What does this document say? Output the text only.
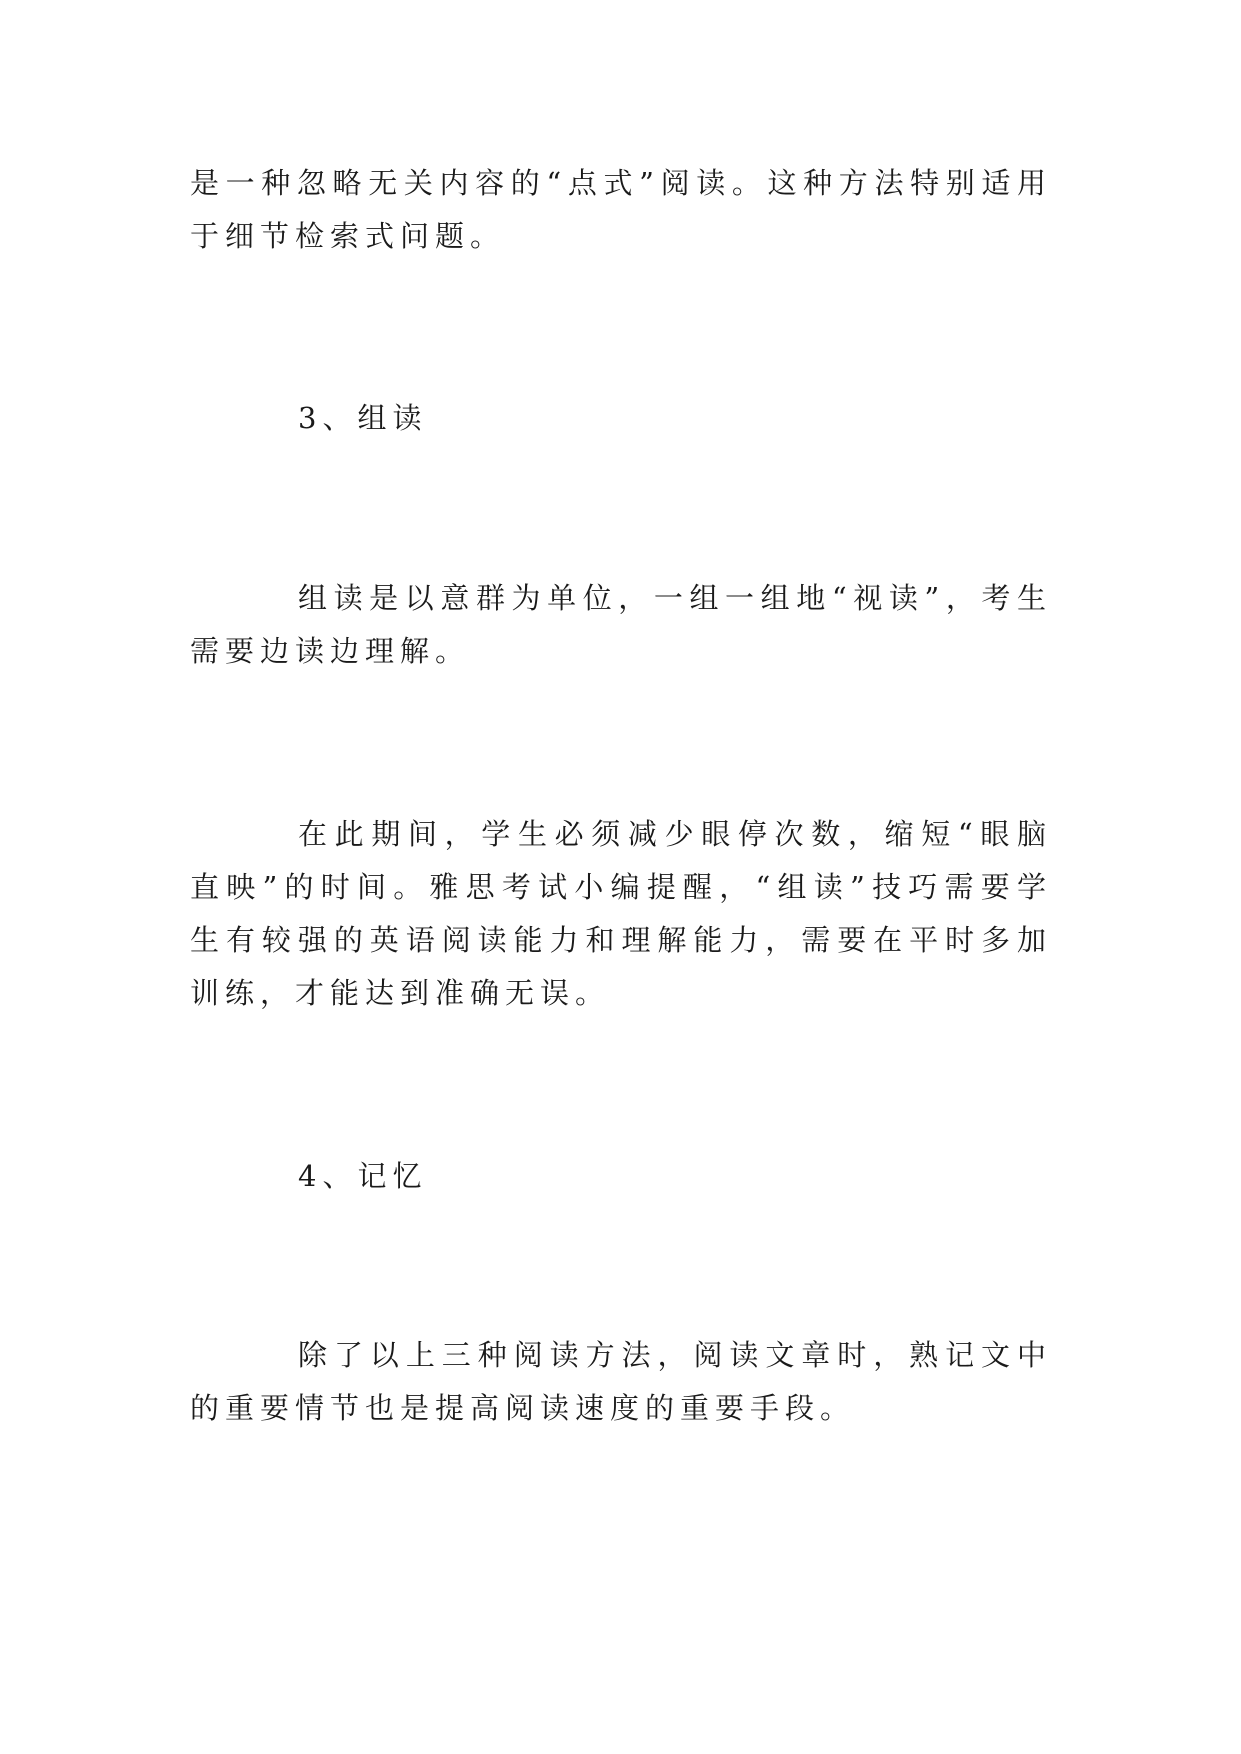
是一种忽略无关内容的“点式”阅读。这种方法特别适用于细节检索式问题。

3、组读

组读是以意群为单位，一组一组地“视读”，考生需要边读边理解。

在此期间，学生必须减少眼停次数，缩短“眼脑直映”的时间。雅思考试小编提醒，“组读”技巧需要学生有较强的英语阅读能力和理解能力，需要在平时多加训练，才能达到准确无误。

4、记忆

除了以上三种阅读方法，阅读文章时，熟记文中的重要情节也是提高阅读速度的重要手段。
